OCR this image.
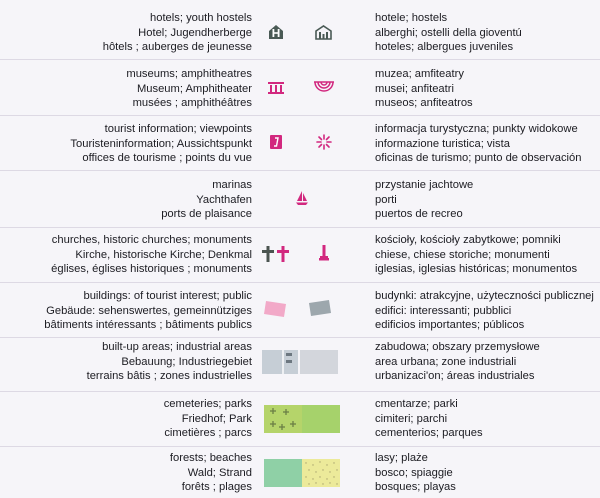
hotels; youth hostels
Hotel; Jugendherberge
hôtels ; auberges de jeunesse
hotele; hostels
alberghi; ostelli della gioventú
hoteles; albergues juveniles
museums; amphitheatres
Museum; Amphitheater
musées ; amphithéâtres
muzea; amfiteatry
musei; anfiteatri
museos; anfiteatros
tourist information; viewpoints
Touristeninformation; Aussichtspunkt
offices de tourisme ; points du vue
informacja turystyczna; punkty widokowe
informazione turistica; vista
oficinas de turismo; punto de observación
marinas
Yachthafen
ports de plaisance
przystanie jachtowe
porti
puertos de recreo
churches, historic churches; monuments
Kirche, historische Kirche; Denkmal
églises, églises historiques ; monuments
kościoły, kościoły zabytkowe; pomniki
chiese, chiese storiche; monumenti
iglesias, iglesias históricas; monumentos
buildings: of tourist interest; public
Gebäude: sehenswertes, gemeinnütziges
bâtiments intéressants ; bâtiments publics
budynki: atrakcyjne, użyteczności publicznej
edifici: interessanti; pubblici
edificios importantes; públicos
built-up areas; industrial areas
Bebauung; Industriegebiet
terrains bâtis ; zones industrielles
zabudowa; obszary przemysłowe
area urbana; zone industriali
urbanizaci'on; áreas industriales
cemeteries; parks
Friedhof; Park
cimetières ; parcs
cmentarze; parki
cimiteri; parchi
cementerios; parques
forests; beaches
Wald; Strand
forêts ; plages
lasy; plaże
bosco; spiaggie
bosques; playas
